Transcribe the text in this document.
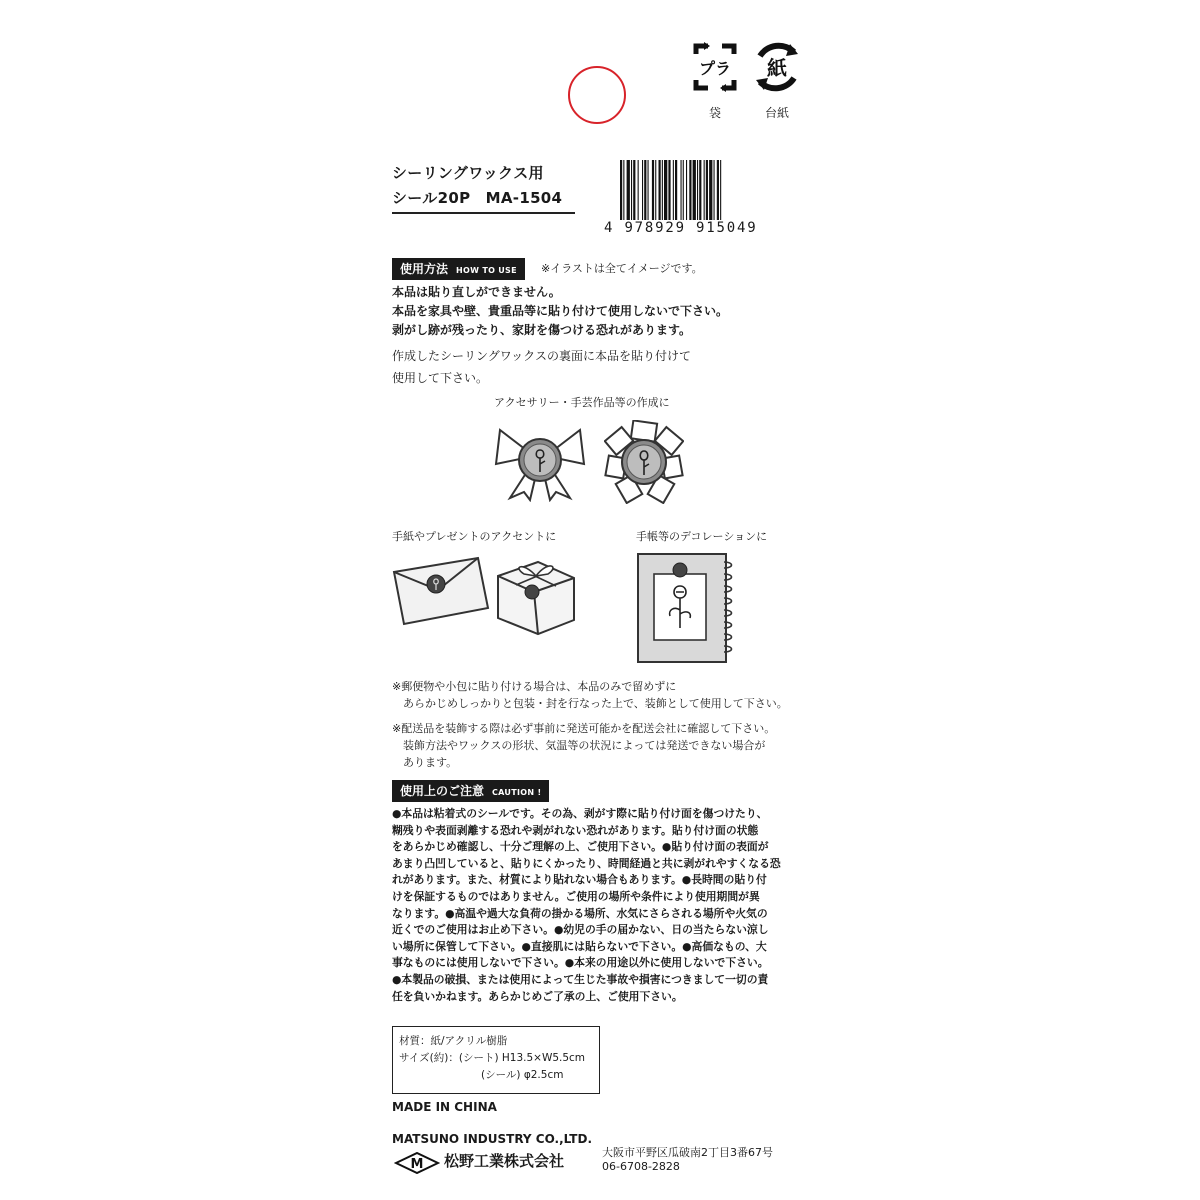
プラ
袋
紙
台紙
シーリングワックス用
シール20P　MA-1504
4 978929 915049
使用方法 HOW TO USE	※イラストは全てイメージです。
本品は貼り直しができません。
本品を家具や壁、貴重品等に貼り付けて使用しないで下さい。
剥がし跡が残ったり、家財を傷つける恐れがあります。
作成したシーリングワックスの裏面に本品を貼り付けて
使用して下さい。
アクセサリー・手芸作品等の作成に
手紙やプレゼントのアクセントに	手帳等のデコレーションに
※郵便物や小包に貼り付ける場合は、本品のみで留めずに
　あらかじめしっかりと包装・封を行なった上で、装飾として使用して下さい。
※配送品を装飾する際は必ず事前に発送可能かを配送会社に確認して下さい。
　装飾方法やワックスの形状、気温等の状況によっては発送できない場合が
　あります。
使用上のご注意 CAUTION !
●本品は粘着式のシールです。その為、剥がす際に貼り付け面を傷つけたり、
糊残りや表面剥離する恐れや剥がれない恐れがあります。貼り付け面の状態
をあらかじめ確認し、十分ご理解の上、ご使用下さい。●貼り付け面の表面が
あまり凸凹していると、貼りにくかったり、時間経過と共に剥がれやすくなる恐
れがあります。また、材質により貼れない場合もあります。●長時間の貼り付
けを保証するものではありません。ご使用の場所や条件により使用期間が異
なります。●高温や過大な負荷の掛かる場所、水気にさらされる場所や火気の
近くでのご使用はお止め下さい。●幼児の手の届かない、日の当たらない涼し
い場所に保管して下さい。●直接肌には貼らないで下さい。●高価なもの、大
事なものには使用しないで下さい。●本来の用途以外に使用しないで下さい。
●本製品の破損、または使用によって生じた事故や損害につきまして一切の責
任を負いかねます。あらかじめご了承の上、ご使用下さい。
材質：紙/アクリル樹脂
サイズ(約)：(シート) H13.5×W5.5cm
(シール) φ2.5cm
MADE IN CHINA
MATSUNO INDUSTRY CO.,LTD.
M 松野工業株式会社	大阪市平野区瓜破南2丁目3番67号
06-6708-2828
